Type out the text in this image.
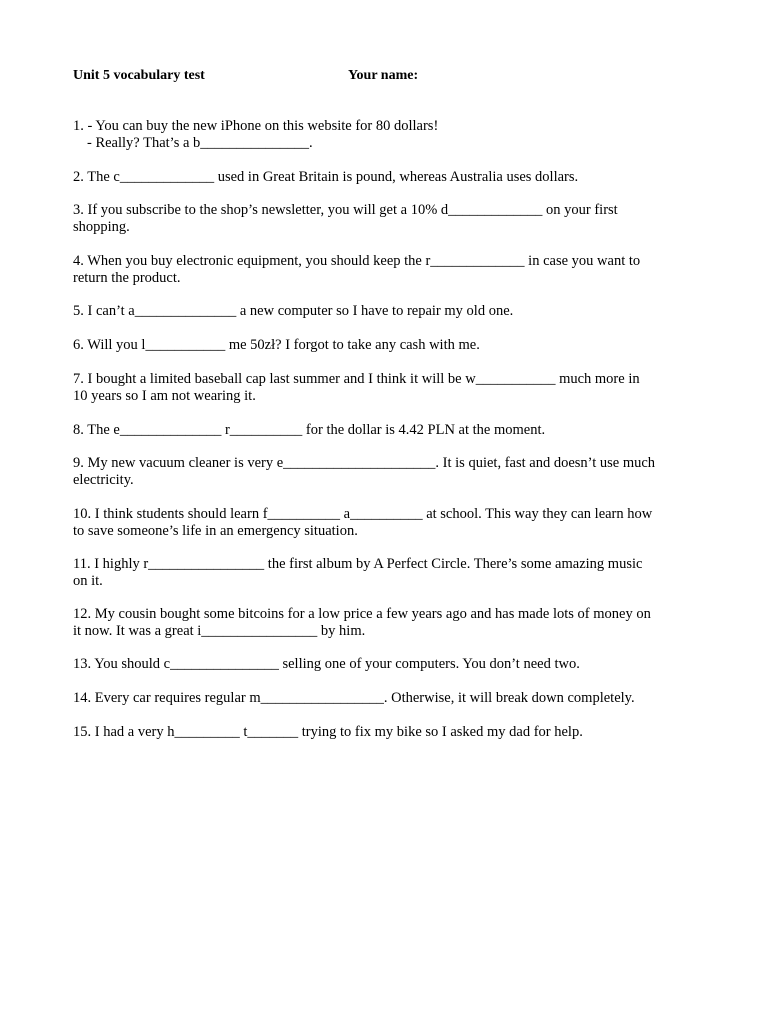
Unit 5 vocabulary test	Your name:
1. - You can buy the new iPhone on this website for 80 dollars!
- Really? That’s a b_______________.
2. The c_____________ used in Great Britain is pound, whereas Australia uses dollars.
3. If you subscribe to the shop’s newsletter, you will get a 10% d_____________ on your first
shopping.
4. When you buy electronic equipment, you should keep the r_____________ in case you want to
return the product.
5. I can’t a______________ a new computer so I have to repair my old one.
6. Will you l___________ me 50zł? I forgot to take any cash with me.
7. I bought a limited baseball cap last summer and I think it will be w___________ much more in
10 years so I am not wearing it.
8. The e______________ r__________ for the dollar is 4.42 PLN at the moment.
9. My new vacuum cleaner is very e_____________________. It is quiet, fast and doesn’t use much
electricity.
10. I think students should learn f__________ a__________ at school. This way they can learn how
to save someone’s life in an emergency situation.
11. I highly r________________ the first album by A Perfect Circle. There’s some amazing music
on it.
12. My cousin bought some bitcoins for a low price a few years ago and has made lots of money on
it now. It was a great i________________ by him.
13. You should c_______________ selling one of your computers. You don’t need two.
14. Every car requires regular m_________________. Otherwise, it will break down completely.
15. I had a very h_________ t_______ trying to fix my bike so I asked my dad for help.
